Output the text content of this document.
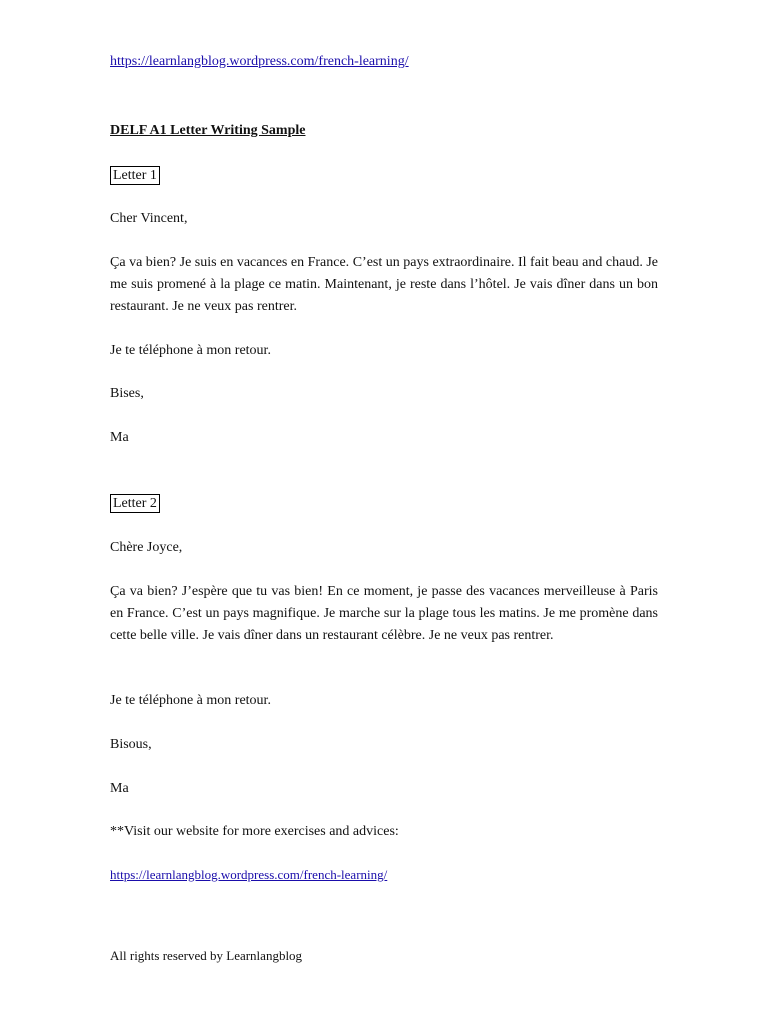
https://learnlangblog.wordpress.com/french-learning/
DELF A1 Letter Writing Sample
Letter 1
Cher Vincent,
Ça va bien? Je suis en vacances en France. C’est un pays extraordinaire. Il fait beau and chaud. Je me suis promené à la plage ce matin. Maintenant, je reste dans l’hôtel. Je vais dîner dans un bon restaurant. Je ne veux pas rentrer.
Je te téléphone à mon retour.
Bises,
Ma
Letter 2
Chère Joyce,
Ça va bien? J’espère que tu vas bien! En ce moment, je passe des vacances merveilleuse à Paris en France. C’est un pays magnifique. Je marche sur la plage tous les matins. Je me promène dans cette belle ville. Je vais dîner dans un restaurant célèbre. Je ne veux pas rentrer.
Je te téléphone à mon retour.
Bisous,
Ma
**Visit our website for more exercises and advices:
https://learnlangblog.wordpress.com/french-learning/
All rights reserved by Learnlangblog
